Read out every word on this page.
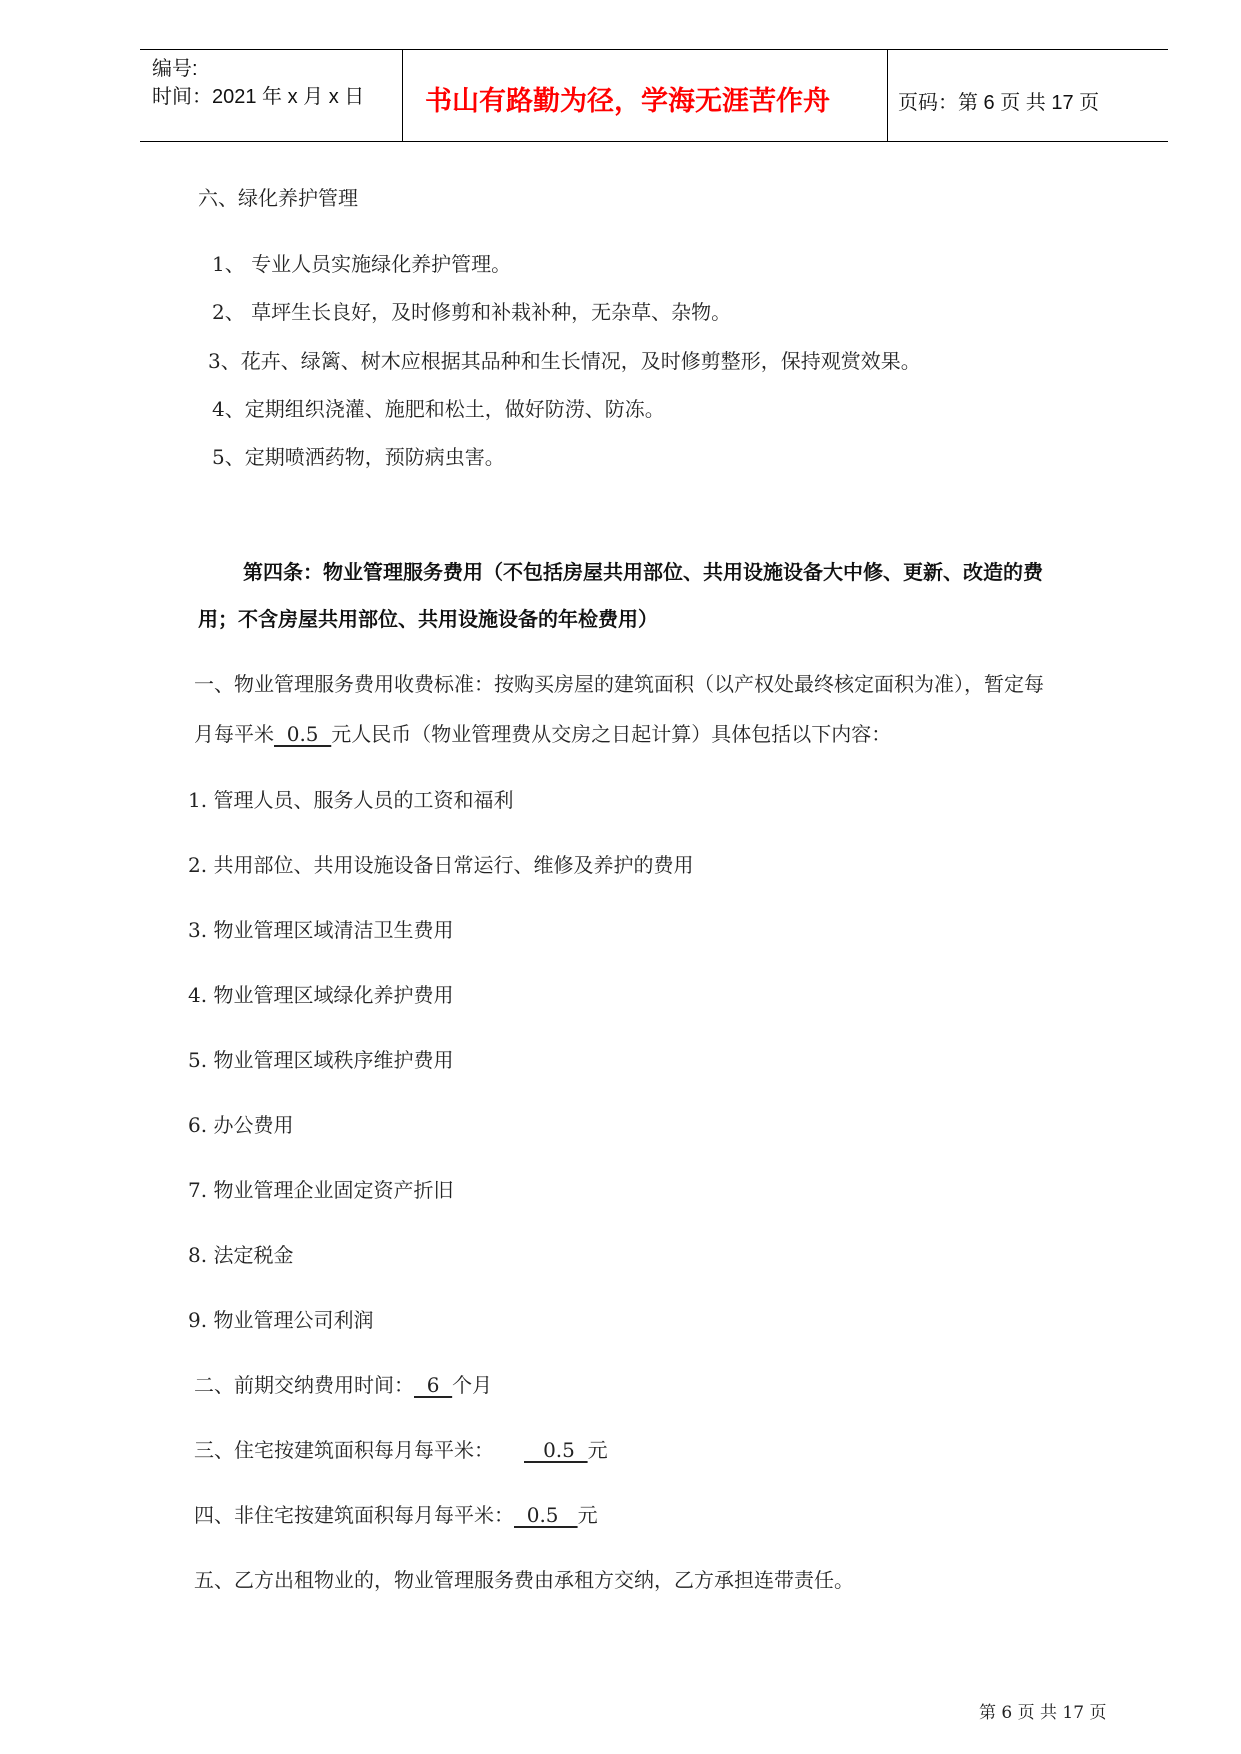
编号:
时间：2021 年 x 月 x 日 书山有路勤为径，学海无涯苦作舟	页码：第 6 页 共 17 页
六、绿化养护管理
1、 专业人员实施绿化养护管理。
2、 草坪生长良好，及时修剪和补栽补种，无杂草、杂物。
3、花卉、绿篱、树木应根据其品种和生长情况，及时修剪整形，保持观赏效果。
4、定期组织浇灌、施肥和松土，做好防涝、防冻。
5、定期喷洒药物，预防病虫害。
第四条：物业管理服务费用（不包括房屋共用部位、共用设施设备大中修、更新、改造的费
用；不含房屋共用部位、共用设施设备的年检费用）
一、物业管理服务费用收费标准：按购买房屋的建筑面积（以产权处最终核定面积为准），暂定每
月每平米  0.5  元人民币（物业管理费从交房之日起计算）具体包括以下内容：
1. 管理人员、服务人员的工资和福利
2. 共用部位、共用设施设备日常运行、维修及养护的费用
3. 物业管理区域清洁卫生费用
4. 物业管理区域绿化养护费用
5. 物业管理区域秩序维护费用
6. 办公费用
7. 物业管理企业固定资产折旧
8. 法定税金
9. 物业管理公司利润
二、前期交纳费用时间：  6  个月
三、住宅按建筑面积每月每平米：   0.5  元
四、非住宅按建筑面积每月每平米：  0.5   元
五、乙方出租物业的，物业管理服务费由承租方交纳，乙方承担连带责任。
第 6 页 共 17 页
